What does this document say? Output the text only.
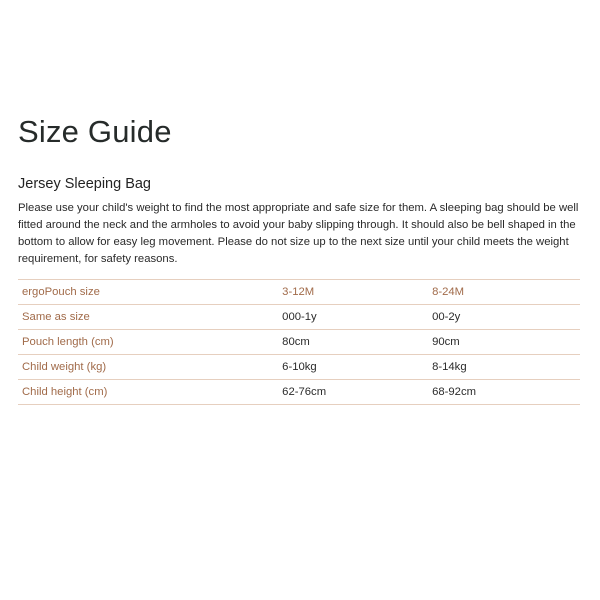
Size Guide
Jersey Sleeping Bag

Please use your child's weight to find the most appropriate and safe size for them. A sleeping bag should be well fitted around the neck and the armholes to avoid your baby slipping through. It should also be bell shaped in the bottom to allow for easy leg movement. Please do not size up to the next size until your child meets the weight requirement, for safety reasons.

ergoPouch size	3-12M	8-24M
Same as size	000-1y	00-2y
Pouch length (cm)	80cm	90cm
Child weight (kg)	6-10kg	8-14kg
Child height (cm)	62-76cm	68-92cm
